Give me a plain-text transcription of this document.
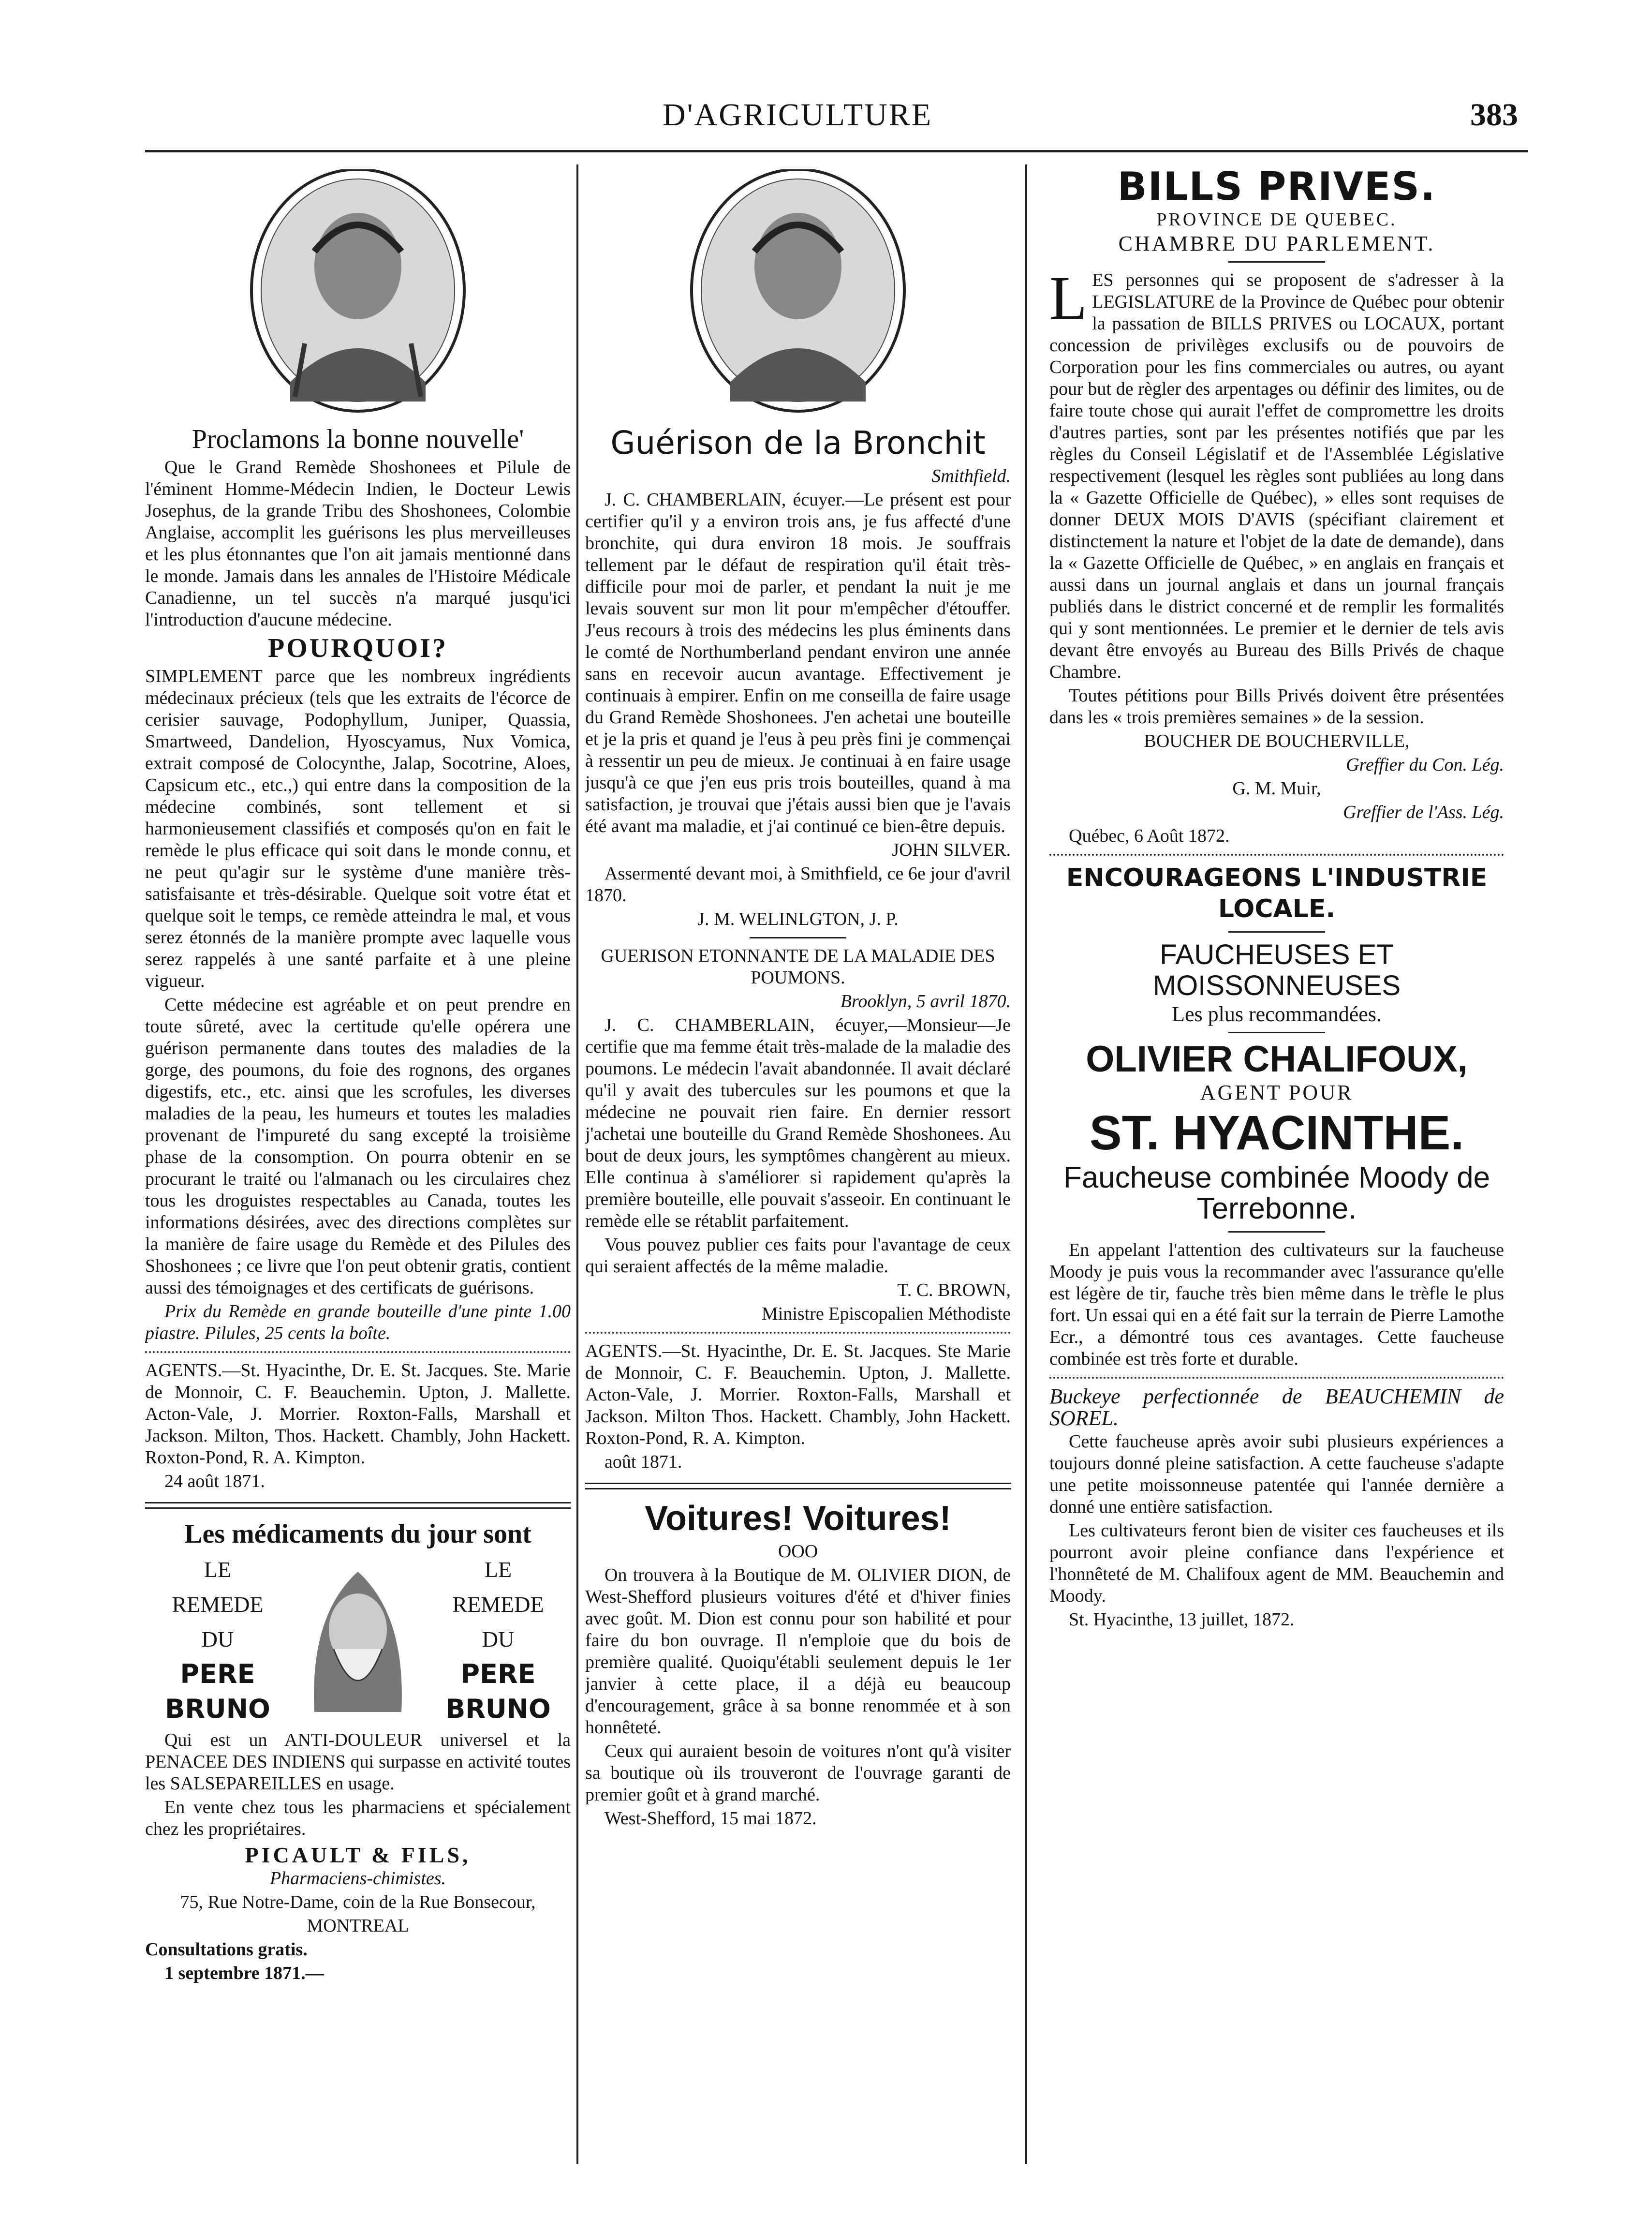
D'AGRICULTURE	383
Proclamons la bonne nouvelle'

Que le Grand Remède Shoshonees et Pilule de l'éminent Homme-Médecin Indien, le Docteur Lewis Josephus, de la grande Tribu des Shoshonees, Colombie Anglaise, accomplit les guérisons les plus merveilleuses et les plus étonnantes que l'on ait jamais mentionné dans le monde. Jamais dans les annales de l'Histoire Médicale Canadienne, un tel succès n'a marqué jusqu'ici l'introduction d'aucune médecine.

POURQUOI?

SIMPLEMENT parce que les nombreux ingrédients médecinaux précieux (tels que les extraits de l'écorce de cerisier sauvage, Podophyllum, Juniper, Quassia, Smartweed, Dandelion, Hyoscyamus, Nux Vomica, extrait composé de Colocynthe, Jalap, Socotrine, Aloes, Capsicum etc., etc.,) qui entre dans la composition de la médecine combinés, sont tellement et si harmonieusement classifiés et composés qu'on en fait le remède le plus efficace qui soit dans le monde connu, et ne peut qu'agir sur le système d'une manière très-satisfaisante et très-désirable. Quelque soit votre état et quelque soit le temps, ce remède atteindra le mal, et vous serez étonnés de la manière prompte avec laquelle vous serez rappelés à une santé parfaite et à une pleine vigueur.

Cette médecine est agréable et on peut prendre en toute sûreté, avec la certitude qu'elle opérera une guérison permanente dans toutes des maladies de la gorge, des poumons, du foie des rognons, des organes digestifs, etc., etc. ainsi que les scrofules, les diverses maladies de la peau, les humeurs et toutes les maladies provenant de l'impureté du sang excepté la troisième phase de la consomption. On pourra obtenir en se procurant le traité ou l'almanach ou les circulaires chez tous les droguistes respectables au Canada, toutes les informations désirées, avec des directions complètes sur la manière de faire usage du Remède et des Pilules des Shoshonees ; ce livre que l'on peut obtenir gratis, contient aussi des témoignages et des certificats de guérisons.

Prix du Remède en grande bouteille d'une pinte 1.00 piastre. Pilules, 25 cents la boîte.

AGENTS.—St. Hyacinthe, Dr. E. St. Jacques. Ste. Marie de Monnoir, C. F. Beauchemin. Upton, J. Mallette. Acton-Vale, J. Morrier. Roxton-Falls, Marshall et Jackson. Milton, Thos. Hackett. Chambly, John Hackett. Roxton-Pond, R. A. Kimpton.

24 août 1871.

Les médicaments du jour sont
LE
REMEDE
DU
PERE BRUNO
LE
REMEDE
DU
PERE BRUNO

Qui est un ANTI-DOULEUR universel et la PENACEE DES INDIENS qui surpasse en activité toutes les SALSEPAREILLES en usage.

En vente chez tous les pharmaciens et spécialement chez les propriétaires.

PICAULT & FILS,
Pharmaciens-chimistes.
75, Rue Notre-Dame, coin de la Rue Bonsecour,
MONTREAL
Consultations gratis.
1 septembre 1871.—
Guérison de la Bronchit
Smithfield.

J. C. CHAMBERLAIN, écuyer.—Le présent est pour certifier qu'il y a environ trois ans, je fus affecté d'une bronchite, qui dura environ 18 mois. Je souffrais tellement par le défaut de respiration qu'il était très-difficile pour moi de parler, et pendant la nuit je me levais souvent sur mon lit pour m'empêcher d'étouffer. J'eus recours à trois des médecins les plus éminents dans le comté de Northumberland pendant environ une année sans en recevoir aucun avantage. Effectivement je continuais à empirer. Enfin on me conseilla de faire usage du Grand Remède Shoshonees. J'en achetai une bouteille et je la pris et quand je l'eus à peu près fini je commençai à ressentir un peu de mieux. Je continuai à en faire usage jusqu'à ce que j'en eus pris trois bouteilles, quand à ma satisfaction, je trouvai que j'étais aussi bien que je l'avais été avant ma maladie, et j'ai continué ce bien-être depuis.

JOHN SILVER.

Assermenté devant moi, à Smithfield, ce 6e jour d'avril 1870.

J. M. WELINLGTON, J. P.
GUERISON ETONNANTE DE LA MALADIE DES POUMONS.
Brooklyn, 5 avril 1870.

J. C. CHAMBERLAIN, écuyer,—Monsieur—Je certifie que ma femme était très-malade de la maladie des poumons. Le médecin l'avait abandonnée. Il avait déclaré qu'il y avait des tubercules sur les poumons et que la médecine ne pouvait rien faire. En dernier ressort j'achetai une bouteille du Grand Remède Shoshonees. Au bout de deux jours, les symptômes changèrent au mieux. Elle continua à s'améliorer si rapidement qu'après la première bouteille, elle pouvait s'asseoir. En continuant le remède elle se rétablit parfaitement.

Vous pouvez publier ces faits pour l'avantage de ceux qui seraient affectés de la même maladie.

T. C. BROWN,
Ministre Episcopalien Méthodiste

AGENTS.—St. Hyacinthe, Dr. E. St. Jacques. Ste Marie de Monnoir, C. F. Beauchemin. Upton, J. Mallette. Acton-Vale, J. Morrier. Roxton-Falls, Marshall et Jackson. Milton Thos. Hackett. Chambly, John Hackett. Roxton-Pond, R. A. Kimpton.

août 1871.

Voitures! Voitures!
OOO

On trouvera à la Boutique de M. OLIVIER DION, de West-Shefford plusieurs voitures d'été et d'hiver finies avec goût. M. Dion est connu pour son habilité et pour faire du bon ouvrage. Il n'emploie que du bois de première qualité. Quoiqu'établi seulement depuis le 1er janvier à cette place, il a déjà eu beaucoup d'encouragement, grâce à sa bonne renommée et à son honnêteté.

Ceux qui auraient besoin de voitures n'ont qu'à visiter sa boutique où ils trouveront de l'ouvrage garanti de premier goût et à grand marché.

West-Shefford, 15 mai 1872.

BILLS PRIVES.
PROVINCE DE QUEBEC.
CHAMBRE DU PARLEMENT.

LES personnes qui se proposent de s'adresser à la LEGISLATURE de la Province de Québec pour obtenir la passation de BILLS PRIVES ou LOCAUX, portant concession de privilèges exclusifs ou de pouvoirs de Corporation pour les fins commerciales ou autres, ou ayant pour but de règler des arpentages ou définir des limites, ou de faire toute chose qui aurait l'effet de compromettre les droits d'autres parties, sont par les présentes notifiés que par les règles du Conseil Législatif et de l'Assemblée Législative respectivement (lesquel les règles sont publiées au long dans la « Gazette Officielle de Québec), » elles sont requises de donner DEUX MOIS D'AVIS (spécifiant clairement et distinctement la nature et l'objet de la date de demande), dans la « Gazette Officielle de Québec, » en anglais en français et aussi dans un journal anglais et dans un journal français publiés dans le district concerné et de remplir les formalités qui y sont mentionnées. Le premier et le dernier de tels avis devant être envoyés au Bureau des Bills Privés de chaque Chambre.

Toutes pétitions pour Bills Privés doivent être présentées dans les « trois premières semaines » de la session.

BOUCHER DE BOUCHERVILLE,
Greffier du Con. Lég.
G. M. Muir,
Greffier de l'Ass. Lég.
Québec, 6 Août 1872.
ENCOURAGEONS L'INDUSTRIE LOCALE.
FAUCHEUSES ET MOISSONNEUSES
Les plus recommandées.
OLIVIER CHALIFOUX,
AGENT POUR
ST. HYACINTHE.
Faucheuse combinée Moody de Terrebonne.

En appelant l'attention des cultivateurs sur la faucheuse Moody je puis vous la recommander avec l'assurance qu'elle est légère de tir, fauche très bien même dans le trèfle le plus fort. Un essai qui en a été fait sur la terrain de Pierre Lamothe Ecr., a démontré tous ces avantages. Cette faucheuse combinée est très forte et durable.

Buckeye perfectionnée de BEAUCHEMIN de SOREL.

Cette faucheuse après avoir subi plusieurs expériences a toujours donné pleine satisfaction. A cette faucheuse s'adapte une petite moissonneuse patentée qui l'année dernière a donné une entière satisfaction.

Les cultivateurs feront bien de visiter ces faucheuses et ils pourront avoir pleine confiance dans l'expérience et l'honnêteté de M. Chalifoux agent de MM. Beauchemin and Moody.

St. Hyacinthe, 13 juillet, 1872.
